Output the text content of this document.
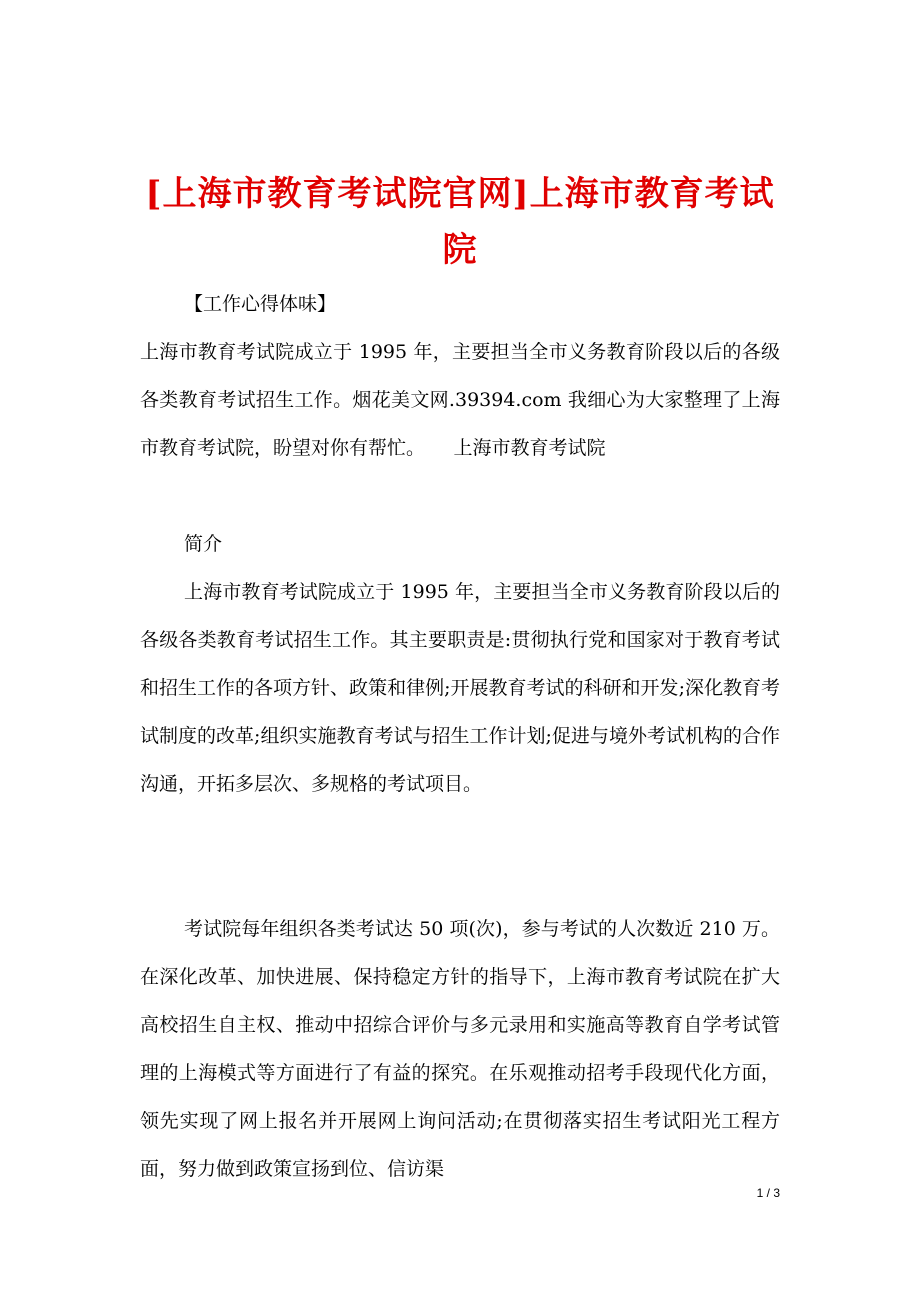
[上海市教育考试院官网]上海市教育考试院

【工作心得体味】

上海市教育考试院成立于 1995 年，主要担当全市义务教育阶段以后的各级各类教育考试招生工作。烟花美文网.39394.com 我细心为大家整理了上海市教育考试院，盼望对你有帮忙。　　上海市教育考试院

简介

上海市教育考试院成立于 1995 年，主要担当全市义务教育阶段以后的各级各类教育考试招生工作。其主要职责是:贯彻执行党和国家对于教育考试和招生工作的各项方针、政策和律例;开展教育考试的科研和开发;深化教育考试制度的改革;组织实施教育考试与招生工作计划;促进与境外考试机构的合作沟通，开拓多层次、多规格的考试项目。

考试院每年组织各类考试达 50 项(次)，参与考试的人次数近 210 万。在深化改革、加快进展、保持稳定方针的指导下，上海市教育考试院在扩大高校招生自主权、推动中招综合评价与多元录用和实施高等教育自学考试管理的上海模式等方面进行了有益的探究。在乐观推动招考手段现代化方面，领先实现了网上报名并开展网上询问活动;在贯彻落实招生考试阳光工程方面，努力做到政策宣扬到位、信访渠

1 / 3
